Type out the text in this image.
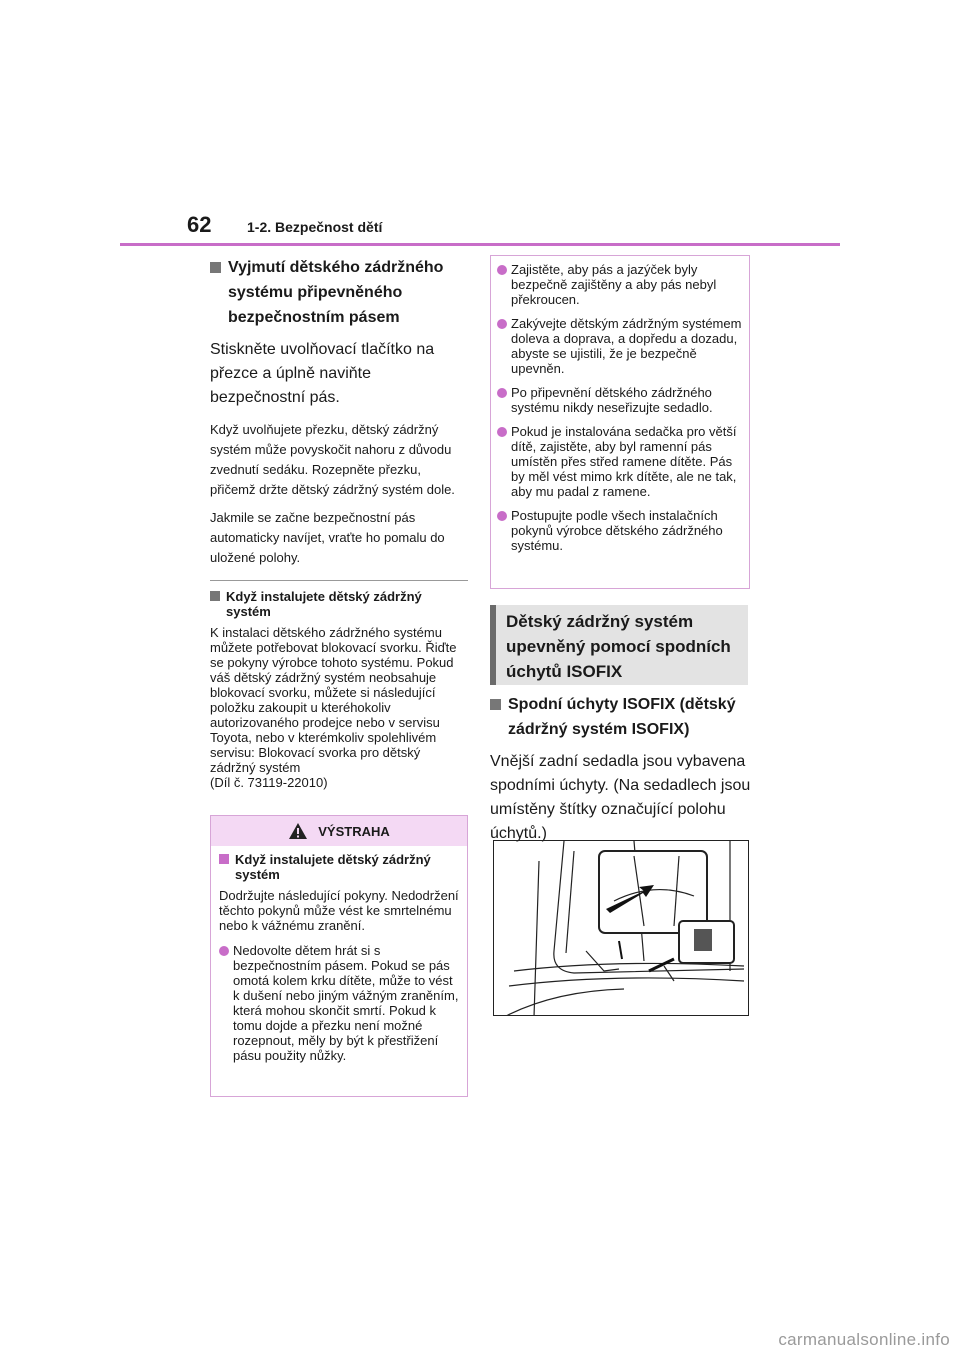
62	1-2. Bezpečnost dětí

Vyjmutí dětského zádržného systému připevněného bezpečnostním pásem

Stiskněte uvolňovací tlačítko na přezce a úplně naviňte bezpečnostní pás.

Když uvolňujete přezku, dětský zádržný systém může povyskočit nahoru z důvodu zvednutí sedáku. Rozepněte přezku, přičemž držte dětský zádržný systém dole.

Jakmile se začne bezpečnostní pás automaticky navíjet, vraťte ho pomalu do uložené polohy.

Když instalujete dětský zádržný systém

K instalaci dětského zádržného systému můžete potřebovat blokovací svorku. Řiďte se pokyny výrobce tohoto systému. Pokud váš dětský zádržný systém neobsahuje blokovací svorku, můžete si následující položku zakoupit u kteréhokoliv autorizovaného prodejce nebo v servisu Toyota, nebo v kterémkoliv spolehlivém servisu: Blokovací svorka pro dětský zádržný systém

(Díl č. 73119-22010)

VÝSTRAHA

Když instalujete dětský zádržný systém

Dodržujte následující pokyny. Nedodržení těchto pokynů může vést ke smrtelnému nebo k vážnému zranění.

Nedovolte dětem hrát si s bezpečnostním pásem. Pokud se pás omotá kolem krku dítěte, může to vést k dušení nebo jiným vážným zraněním, která mohou skončit smrtí. Pokud k tomu dojde a přezku není možné rozepnout, měly by být k přestřižení pásu použity nůžky.

Zajistěte, aby pás a jazýček byly bezpečně zajištěny a aby pás nebyl překroucen.

Zakývejte dětským zádržným systémem doleva a doprava, a dopředu a dozadu, abyste se ujistili, že je bezpečně upevněn.

Po připevnění dětského zádržného systému nikdy neseřizujte sedadlo.

Pokud je instalována sedačka pro větší dítě, zajistěte, aby byl ramenní pás umístěn přes střed ramene dítěte. Pás by měl vést mimo krk dítěte, ale ne tak, aby mu padal z ramene.

Postupujte podle všech instalačních pokynů výrobce dětského zádržného systému.

Dětský zádržný systém upevněný pomocí spodních úchytů ISOFIX

Spodní úchyty ISOFIX (dětský zádržný systém ISOFIX)

Vnější zadní sedadla jsou vybavena spodními úchyty. (Na sedadlech jsou umístěny štítky označující polohu úchytů.)

carmanualsonline.info
